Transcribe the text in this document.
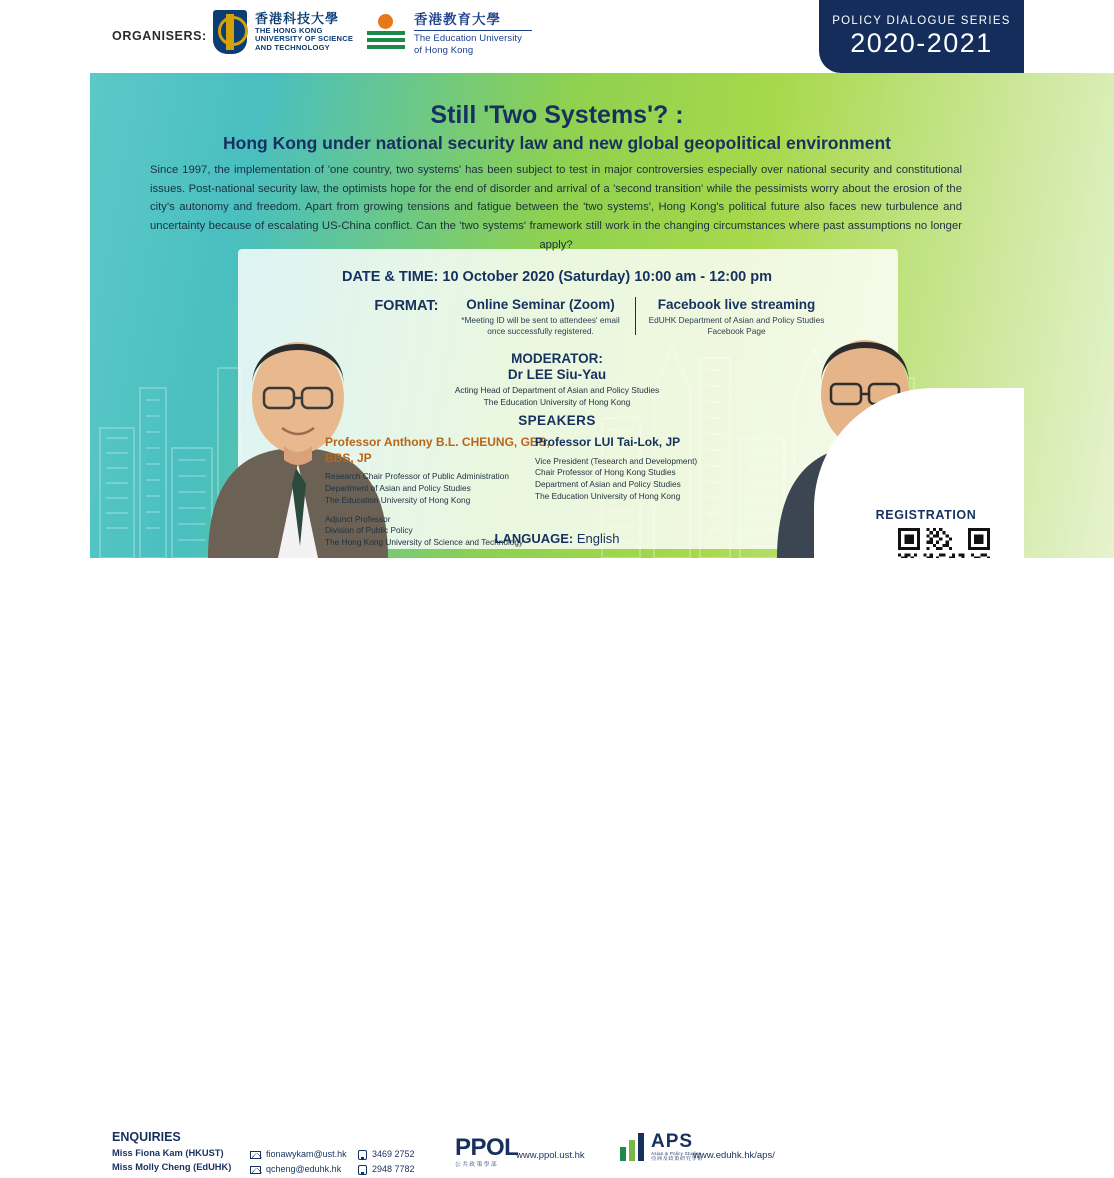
ORGANISERS:
香港科技大學
THE HONG KONG
UNIVERSITY OF SCIENCE
AND TECHNOLOGY
香港教育大學
The Education University
of Hong Kong
POLICY DIALOGUE SERIES
2020-2021
Still 'Two Systems'? :
Hong Kong under national security law and new global geopolitical environment
Since 1997, the implementation of 'one country, two systems' has been subject to test in major controversies especially over national security and constitutional issues. Post-national security law, the optimists hope for the end of disorder and arrival of a 'second transition' while the pessimists worry about the erosion of the city's autonomy and freedom. Apart from growing tensions and fatigue between the 'two systems', Hong Kong's political future also faces new turbulence and uncertainty because of escalating US-China conflict. Can the 'two systems' framework still work in the changing circumstances where past assumptions no longer apply?
DATE & TIME: 10 October 2020 (Saturday) 10:00 am - 12:00 pm
FORMAT:	Online Seminar (Zoom)
*Meeting ID will be sent to attendees' email once successfully registered.
Facebook live streaming
EdUHK Department of Asian and Policy Studies Facebook Page
MODERATOR:
Dr LEE Siu-Yau
Acting Head of Department of Asian and Policy Studies
The Education University of Hong Kong
SPEAKERS
Professor Anthony B.L. CHEUNG, GBS, BBS, JP
Research Chair Professor of Public Administration
Department of Asian and Policy Studies
The Education University of Hong Kong
Adjunct Professor
Division of Public Policy
The Hong Kong University of Science and Technology
Professor LUI Tai-Lok, JP
Vice President (Tesearch and Development)
Chair Professor of Hong Kong Studies
Department of Asian and Policy Studies
The Education University of Hong Kong
LANGUAGE: English
REGISTRATION
ENQUIRIES
Miss Fiona Kam (HKUST)
Miss Molly Cheng (EdUHK)
fionawykam@ust.hk
qcheng@eduhk.hk
3469 2752
2948 7782
PPOL
公共政策學部
www.ppol.ust.hk
APS
Asian & Policy Studies
亞洲及政策研究學系
www.eduhk.hk/aps/
